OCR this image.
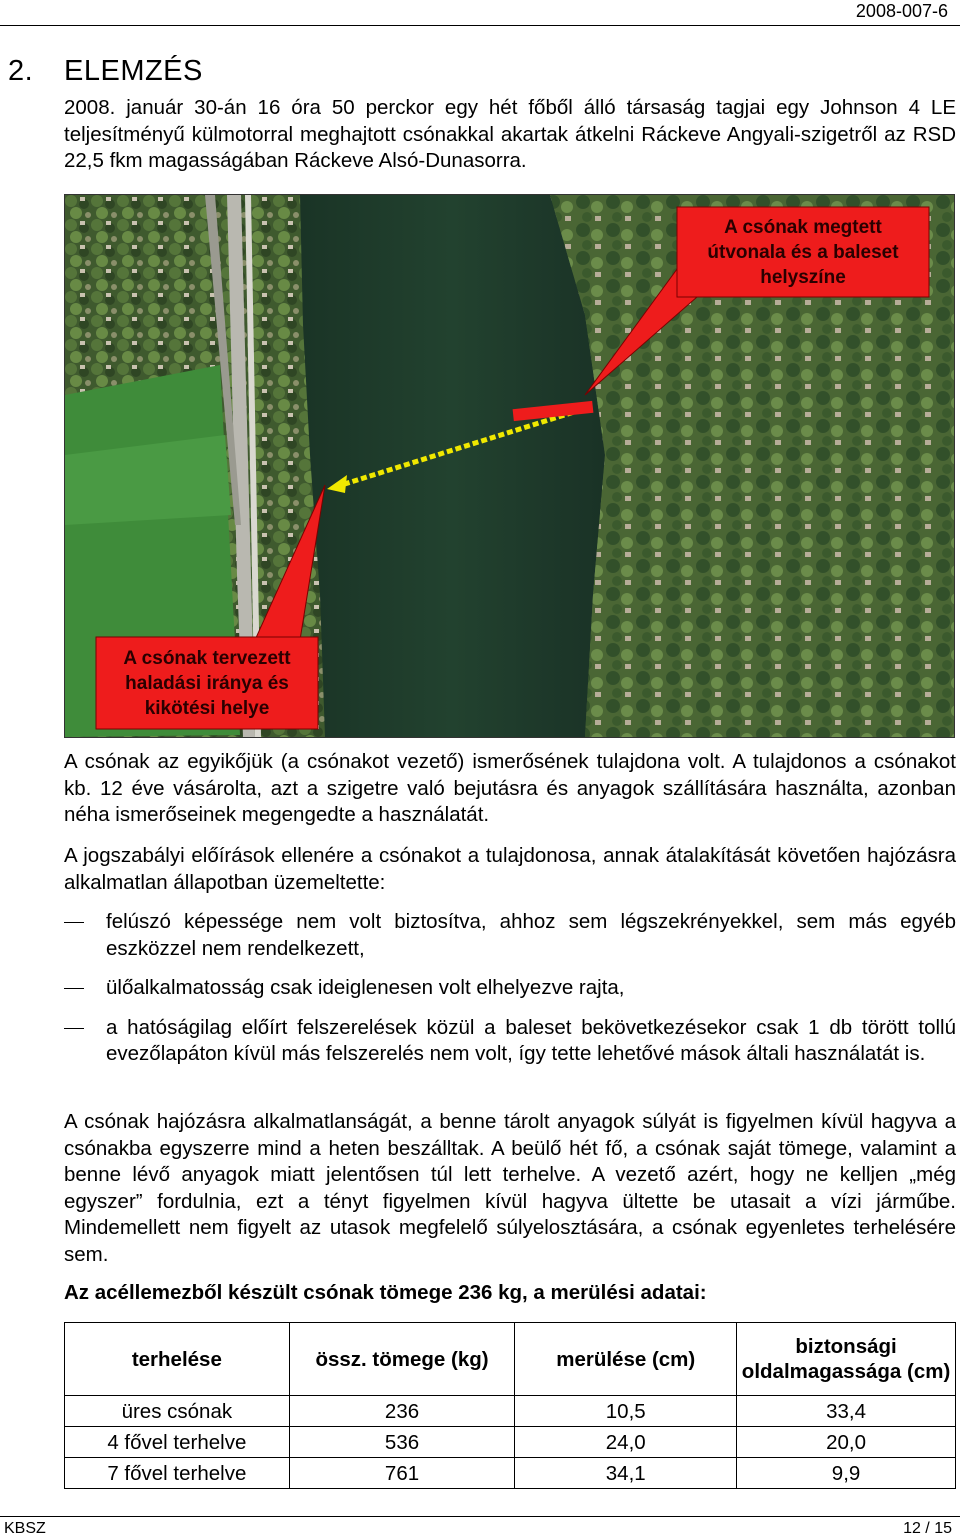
2008-007-6
2. ELEMZÉS

2008. január 30-án 16 óra 50 perckor egy hét főből álló társaság tagjai egy Johnson 4 LE teljesítményű külmotorral meghajtott csónakkal akartak átkelni Ráckeve Angyali-szigetről az RSD 22,5 fkm magasságában Ráckeve Alsó-Dunasorra.

A csónak megtett
útvonala és a baleset
helyszíne
A csónak tervezett
haladási iránya és
kikötési helye

A csónak az egyikőjük (a csónakot vezető) ismerősének tulajdona volt. A tulajdonos a csónakot kb. 12 éve vásárolta, azt a szigetre való bejutásra és anyagok szállítására használta, azonban néha ismerőseinek megengedte a használatát.

A jogszabályi előírások ellenére a csónakot a tulajdonosa, annak átalakítását követően hajózásra alkalmatlan állapotban üzemeltette:

felúszó képessége nem volt biztosítva, ahhoz sem légszekrényekkel, sem más egyéb eszközzel nem rendelkezett,
ülőalkalmatosság csak ideiglenesen volt elhelyezve rajta,
a hatóságilag előírt felszerelések közül a baleset bekövetkezésekor csak 1 db törött tollú evezőlapáton kívül más felszerelés nem volt, így tette lehetővé mások általi használatát is.

A csónak hajózásra alkalmatlanságát, a benne tárolt anyagok súlyát is figyelmen kívül hagyva a csónakba egyszerre mind a heten beszálltak. A beülő hét fő, a csónak saját tömege, valamint a benne lévő anyagok miatt jelentősen túl lett terhelve. A vezető azért, hogy ne kelljen „még egyszer” fordulnia, ezt a tényt figyelmen kívül hagyva ültette be utasait a vízi járműbe. Mindemellett nem figyelt az utasok megfelelő súlyelosztására, a csónak egyenletes terhelésére sem.

Az acéllemezből készült csónak tömege 236 kg, a merülési adatai:

terhelése	össz. tömege (kg)	merülése (cm)	biztonsági oldalmagassága (cm)
üres csónak	236	10,5	33,4
4 fővel terhelve	536	24,0	20,0
7 fővel terhelve	761	34,1	9,9
KBSZ	12 / 15
